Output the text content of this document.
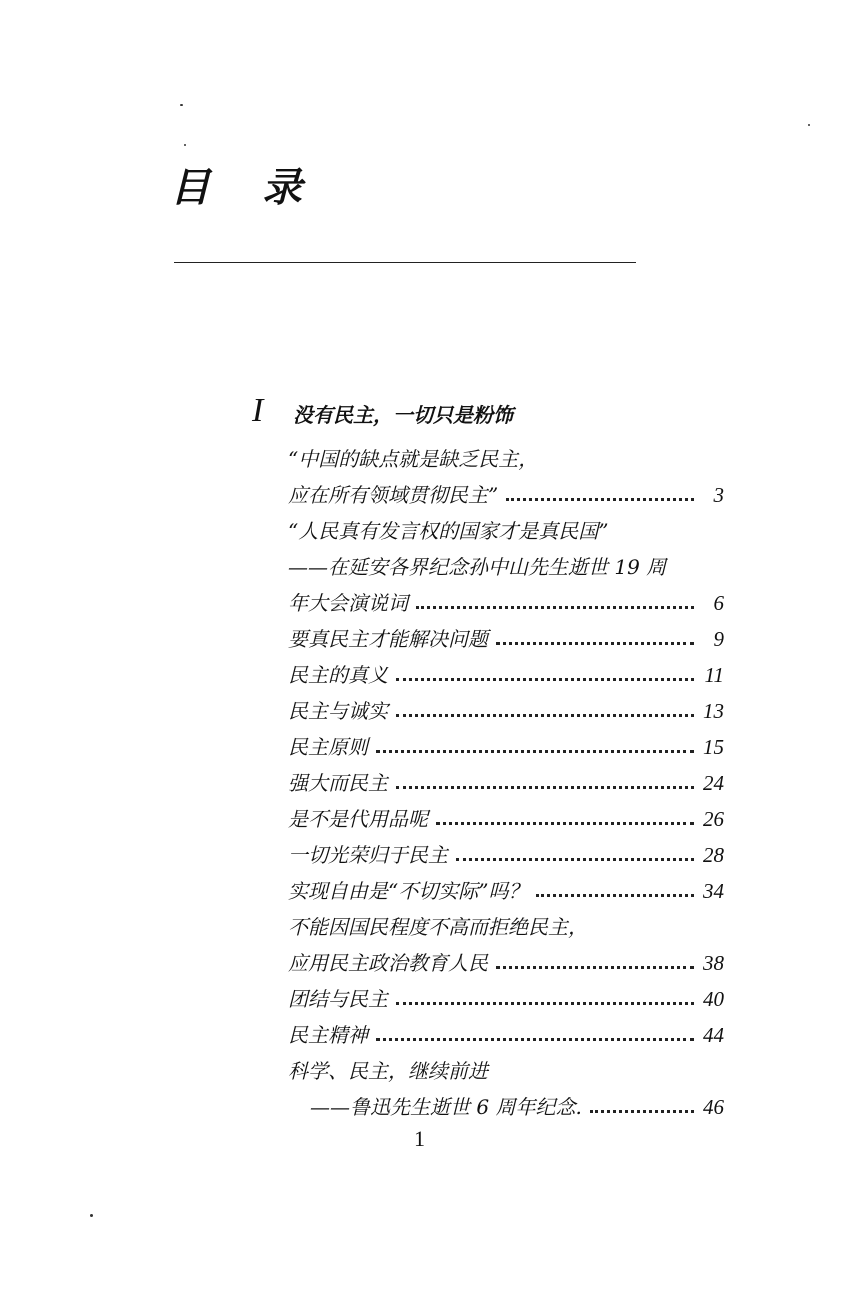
目 录
I 没有民主，一切只是粉饰
“中国的缺点就是缺乏民主，
应在所有领域贯彻民主”	3
“人民真有发言权的国家才是真民国”
——在延安各界纪念孙中山先生逝世 19 周
年大会演说词	6
要真民主才能解决问题	9
民主的真义	11
民主与诚实	13
民主原则	15
强大而民主	24
是不是代用品呢	26
一切光荣归于民主	28
实现自由是“不切实际”吗？	34
不能因国民程度不高而拒绝民主，
应用民主政治教育人民	38
团结与民主	40
民主精神	44
科学、民主，继续前进
——鲁迅先生逝世 6 周年纪念.	46
1
